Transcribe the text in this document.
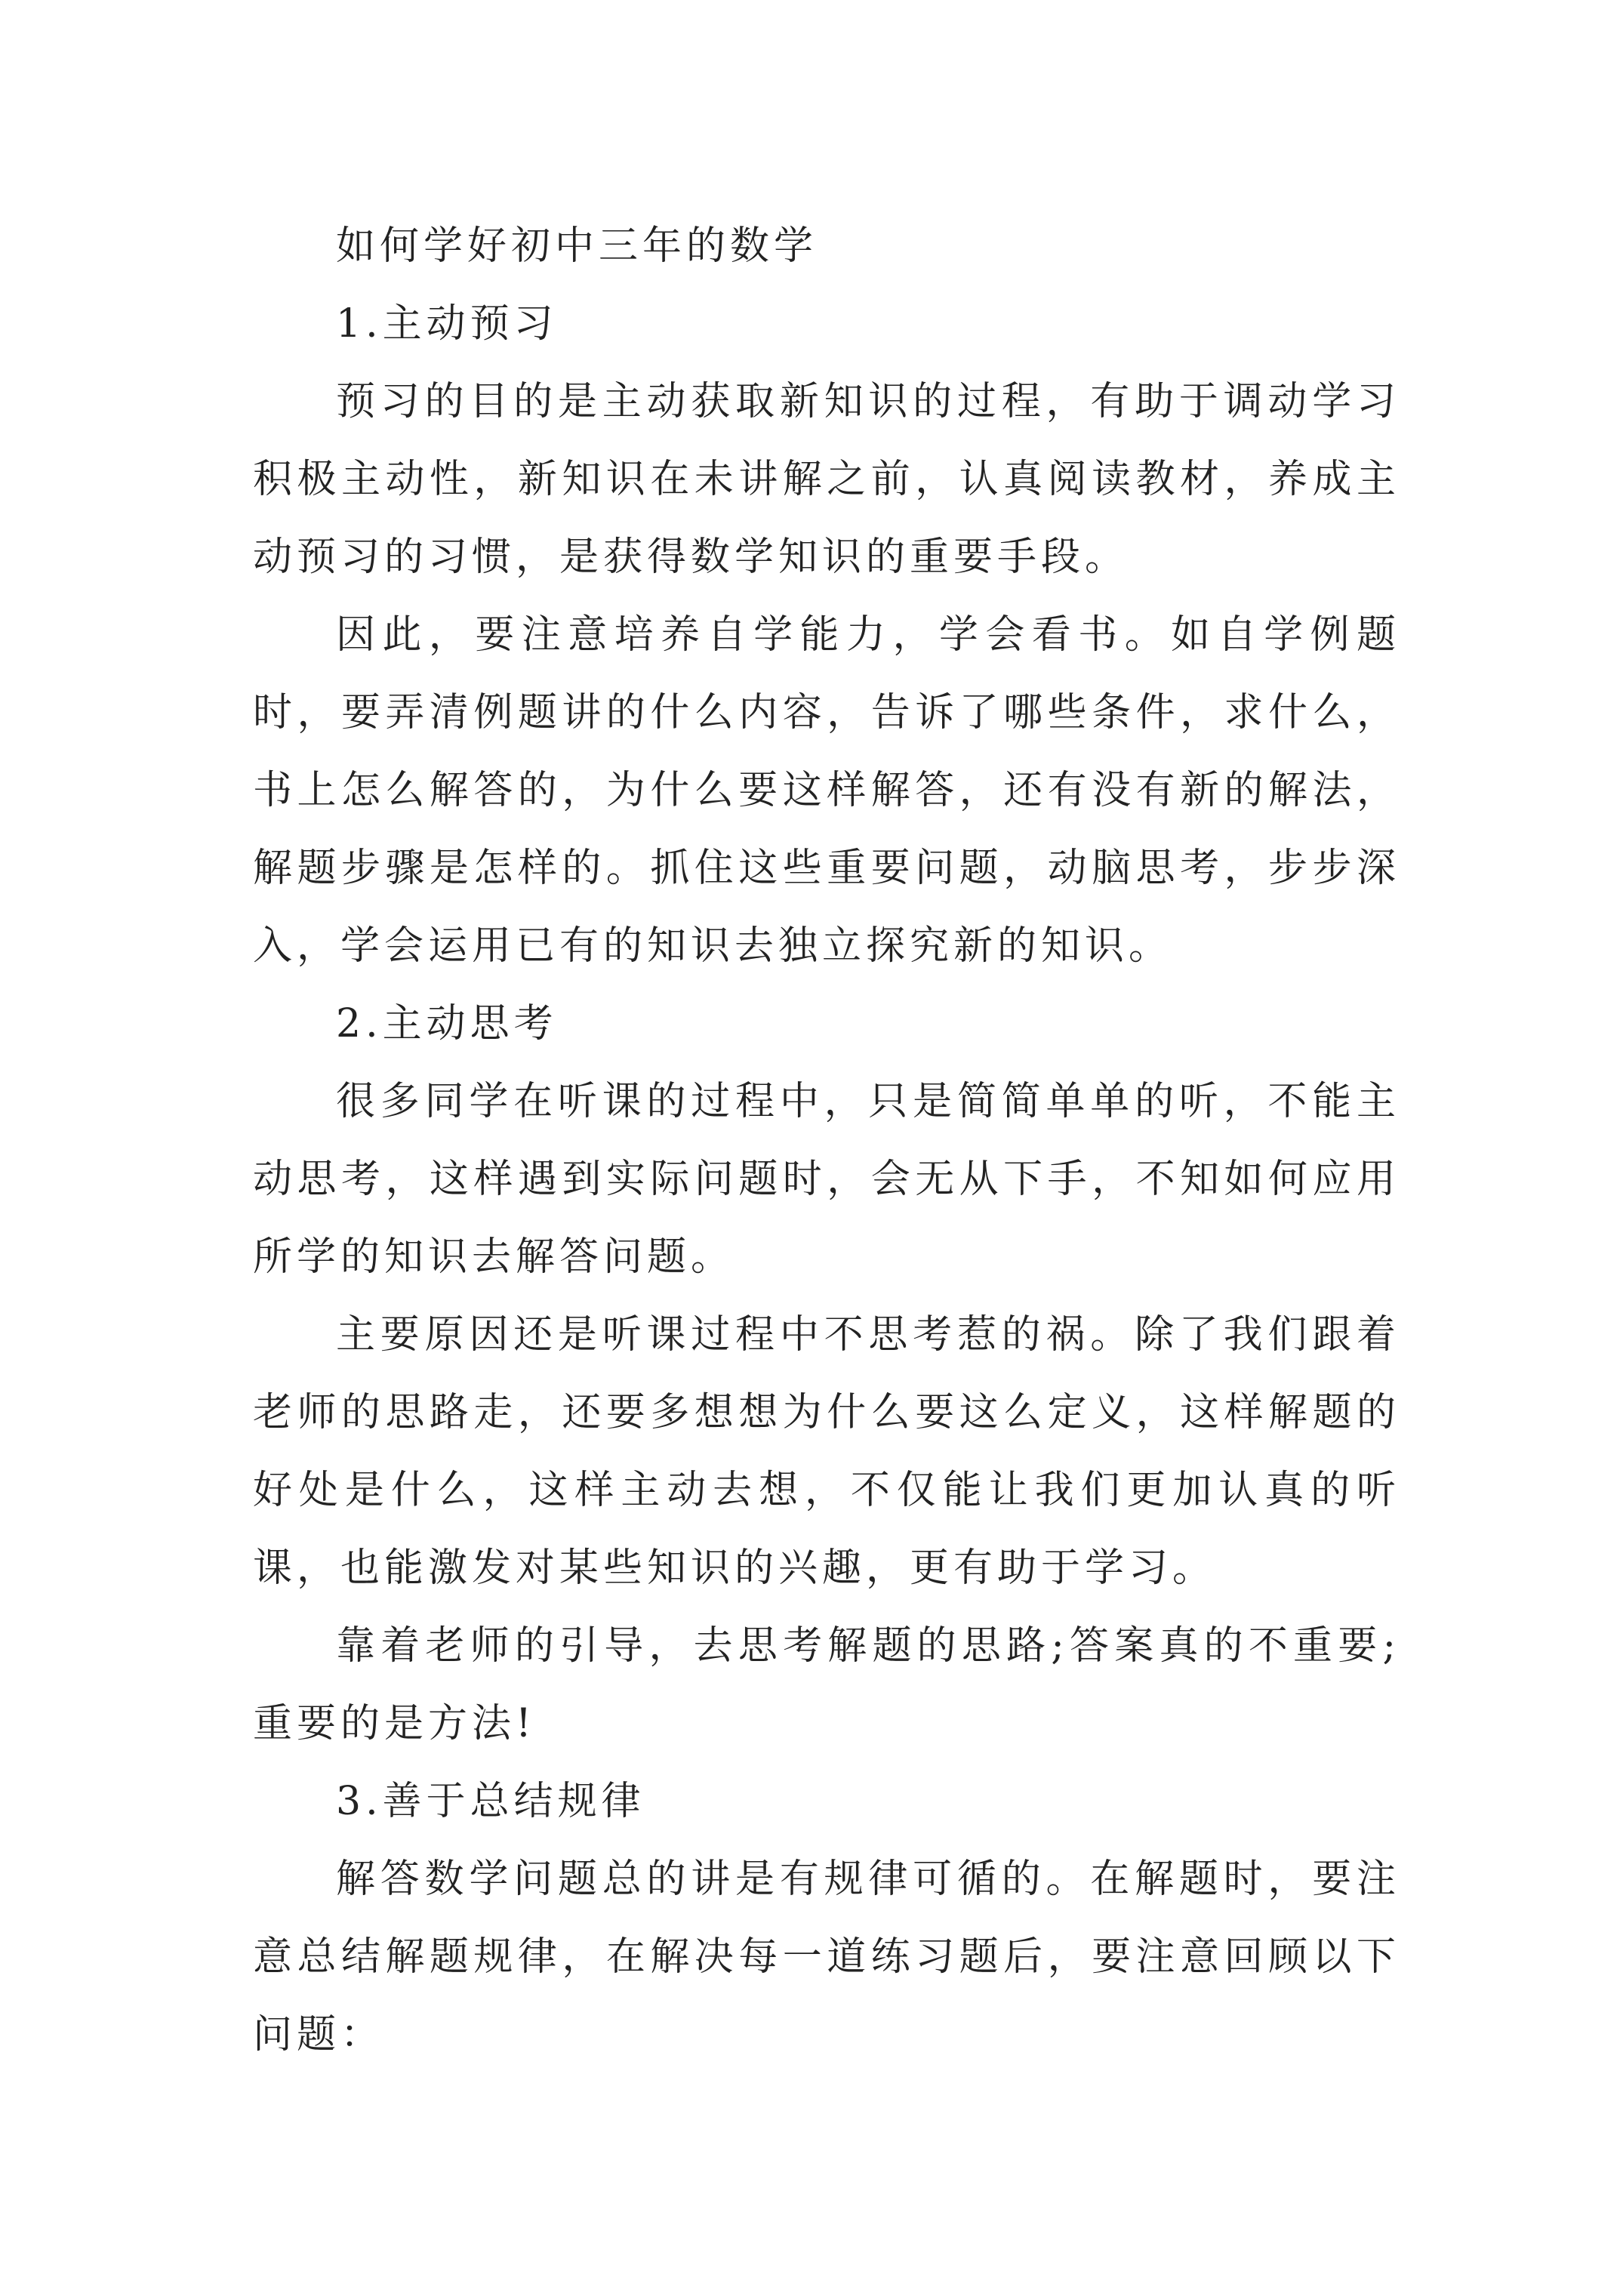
如何学好初中三年的数学

1.主动预习

预习的目的是主动获取新知识的过程，有助于调动学习积极主动性，新知识在未讲解之前，认真阅读教材，养成主动预习的习惯，是获得数学知识的重要手段。

因此，要注意培养自学能力，学会看书。如自学例题时，要弄清例题讲的什么内容，告诉了哪些条件，求什么，书上怎么解答的，为什么要这样解答，还有没有新的解法，解题步骤是怎样的。抓住这些重要问题，动脑思考，步步深入，学会运用已有的知识去独立探究新的知识。

2.主动思考

很多同学在听课的过程中，只是简简单单的听，不能主动思考，这样遇到实际问题时，会无从下手，不知如何应用所学的知识去解答问题。

主要原因还是听课过程中不思考惹的祸。除了我们跟着老师的思路走，还要多想想为什么要这么定义，这样解题的好处是什么，这样主动去想，不仅能让我们更加认真的听课，也能激发对某些知识的兴趣，更有助于学习。

靠着老师的引导，去思考解题的思路;答案真的不重要;重要的是方法!

3.善于总结规律

解答数学问题总的讲是有规律可循的。在解题时，要注意总结解题规律，在解决每一道练习题后，要注意回顾以下问题：
